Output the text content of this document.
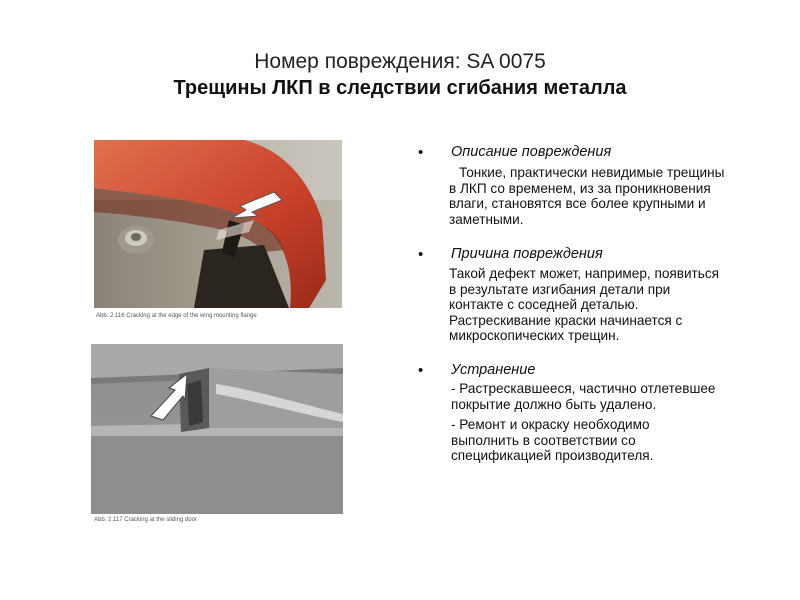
Номер повреждения: SA 0075
Трещины ЛКП в следствии сгибания металла
Abb. 2.116 Cracking at the edge of the wing mounting flange
Abb. 2.117 Cracking at the sliding door
• Описание повреждения
Тонкие, практически невидимые трещины
в ЛКП со временем, из за проникновения
влаги, становятся все более крупными и
заметными.
• Причина повреждения
Такой дефект может, например, появиться
в результате изгибания детали при
контакте с соседней деталью.
Растрескивание краски начинается с
микроскопических трещин.
• Устранение
- Растрескавшееся, частично отлетевшее
покрытие должно быть удалено.
- Ремонт и окраску необходимо
выполнить в соответствии со
спецификацией производителя.
